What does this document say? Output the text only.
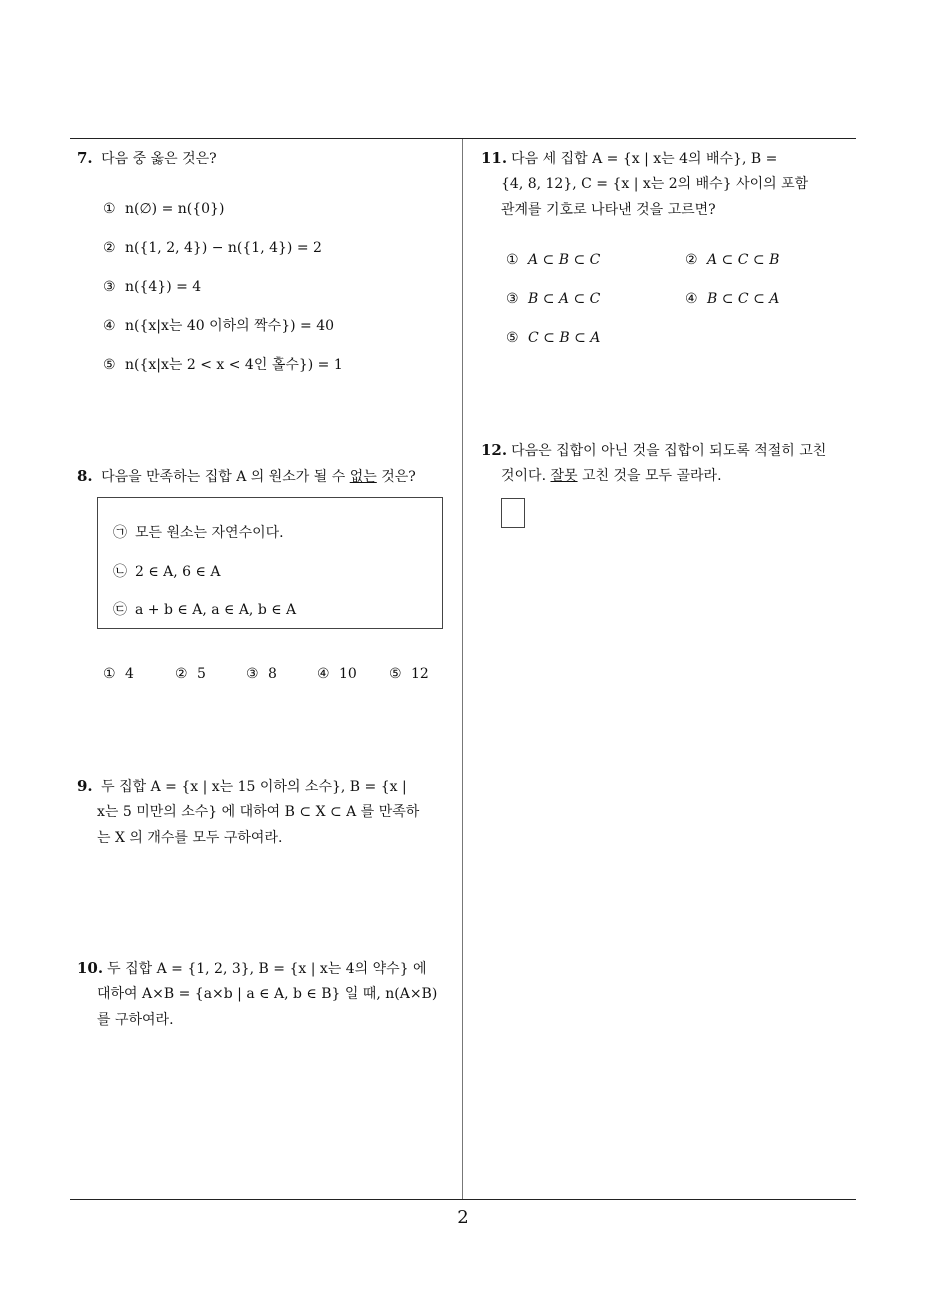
7. 다음 중 옳은 것은?
① n(∅) = n({0})
② n({1, 2, 4}) − n({1, 4}) = 2
③ n({4}) = 4
④ n({x|x는 40 이하의 짝수}) = 40
⑤ n({x|x는 2 < x < 4인 홀수}) = 1
8. 다음을 만족하는 집합 A 의 원소가 될 수 없는 것은?
㉠ 모든 원소는 자연수이다.
㉡ 2 ∈ A, 6 ∈ A
㉢ a + b ∈ A, a ∈ A, b ∈ A
① 4	② 5	③ 8	④ 10 ⑤ 12
9. 두 집합 A = {x | x는 15 이하의 소수}, B = {x |
x는 5 미만의 소수} 에 대하여 B ⊂ X ⊂ A 를 만족하
는 X 의 개수를 모두 구하여라.
10. 두 집합 A = {1, 2, 3}, B = {x | x는 4의 약수} 에
대하여 A×B = {a×b | a ∈ A, b ∈ B} 일 때, n(A×B)
를 구하여라.
11. 다음 세 집합 A = {x | x는 4의 배수}, B =
{4, 8, 12}, C = {x | x는 2의 배수} 사이의 포함
관계를 기호로 나타낸 것을 고르면?
① A ⊂ B ⊂ C	② A ⊂ C ⊂ B
③ B ⊂ A ⊂ C	④ B ⊂ C ⊂ A
⑤ C ⊂ B ⊂ A
12. 다음은 집합이 아닌 것을 집합이 되도록 적절히 고친
것이다. 잘못 고친 것을 모두 골라라.
2
